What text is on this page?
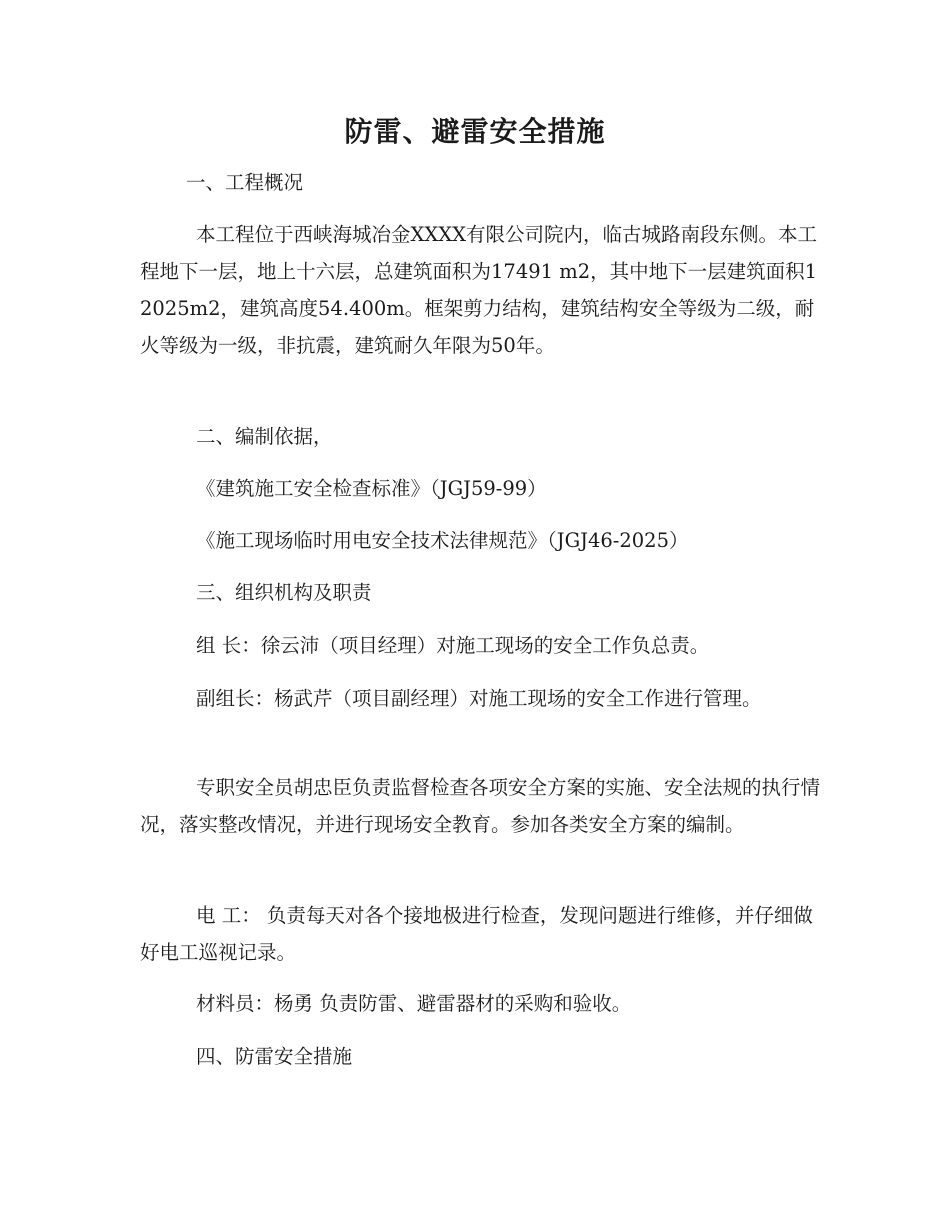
防雷、避雷安全措施

一、工程概况

本工程位于西峡海城冶金XXXX有限公司院内，临古城路南段东侧。本工程地下一层，地上十六层，总建筑面积为17491 m2，其中地下一层建筑面积12025m2，建筑高度54.400m。框架剪力结构，建筑结构安全等级为二级，耐火等级为一级，非抗震，建筑耐久年限为50年。

二、编制依据，

《建筑施工安全检查标准》（JGJ59-99）

《施工现场临时用电安全技术法律规范》（JGJ46-2025）

三、组织机构及职责

组 长：徐云沛（项目经理）对施工现场的安全工作负总责。

副组长：杨武芹（项目副经理）对施工现场的安全工作进行管理。

专职安全员胡忠臣负责监督检查各项安全方案的实施、安全法规的执行情况，落实整改情况，并进行现场安全教育。参加各类安全方案的编制。

电 工： 负责每天对各个接地极进行检查，发现问题进行维修，并仔细做好电工巡视记录。

材料员：杨勇 负责防雷、避雷器材的采购和验收。

四、防雷安全措施
